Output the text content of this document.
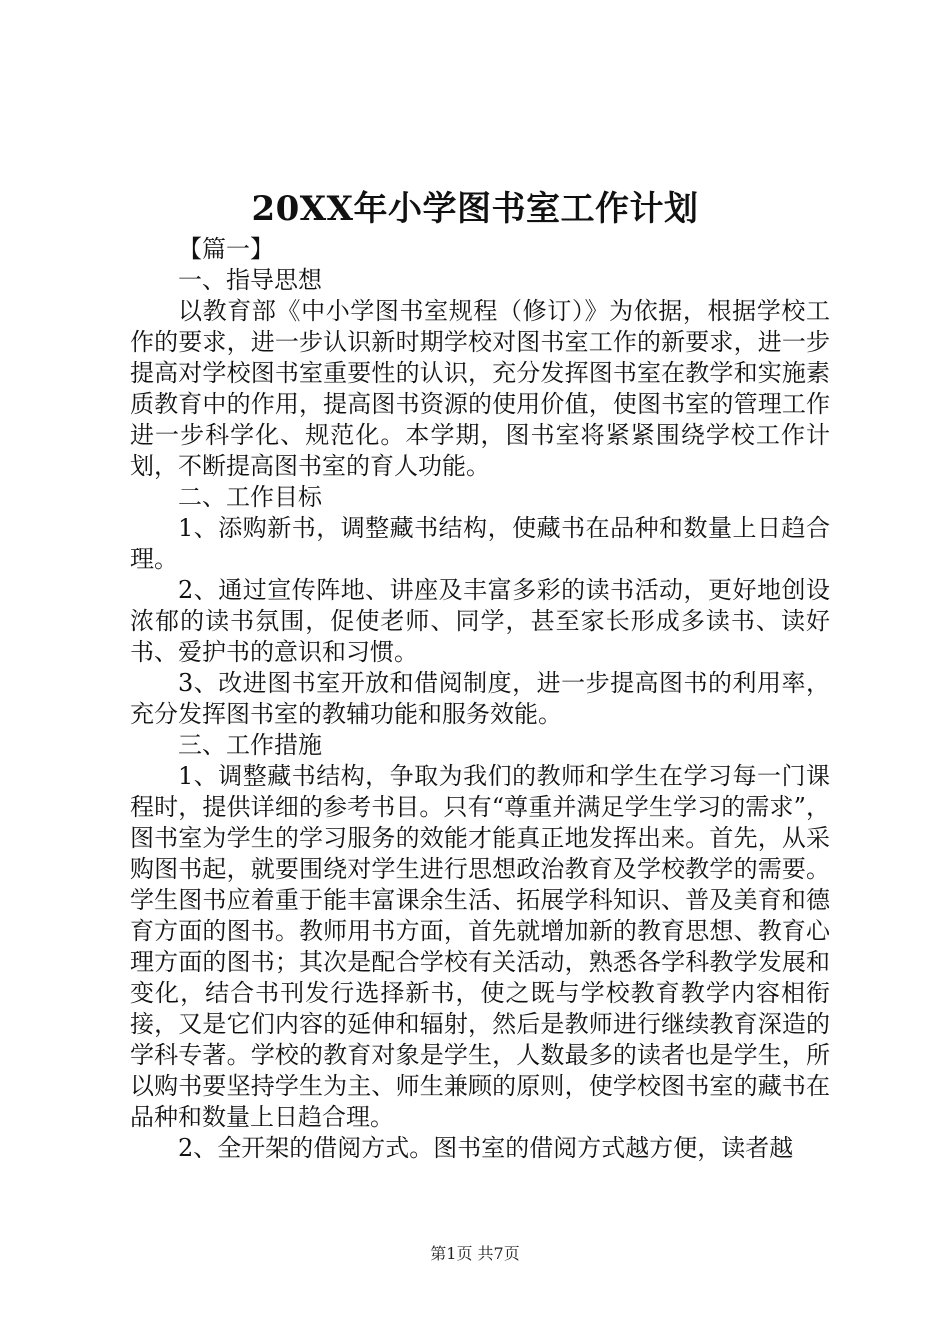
20XX年小学图书室工作计划

【篇一】

一、指导思想

以教育部《中小学图书室规程（修订）》为依据，根据学校工作的要求，进一步认识新时期学校对图书室工作的新要求，进一步提高对学校图书室重要性的认识，充分发挥图书室在教学和实施素质教育中的作用，提高图书资源的使用价值，使图书室的管理工作进一步科学化、规范化。本学期，图书室将紧紧围绕学校工作计划，不断提高图书室的育人功能。

二、工作目标

1、添购新书，调整藏书结构，使藏书在品种和数量上日趋合理。

2、通过宣传阵地、讲座及丰富多彩的读书活动，更好地创设浓郁的读书氛围，促使老师、同学，甚至家长形成多读书、读好书、爱护书的意识和习惯。

3、改进图书室开放和借阅制度，进一步提高图书的利用率，充分发挥图书室的教辅功能和服务效能。

三、工作措施

1、调整藏书结构，争取为我们的教师和学生在学习每一门课程时，提供详细的参考书目。只有“尊重并满足学生学习的需求”，图书室为学生的学习服务的效能才能真正地发挥出来。首先，从采购图书起，就要围绕对学生进行思想政治教育及学校教学的需要。学生图书应着重于能丰富课余生活、拓展学科知识、普及美育和德育方面的图书。教师用书方面，首先就增加新的教育思想、教育心理方面的图书；其次是配合学校有关活动，熟悉各学科教学发展和变化，结合书刊发行选择新书，使之既与学校教育教学内容相衔接，又是它们内容的延伸和辐射，然后是教师进行继续教育深造的学科专著。学校的教育对象是学生，人数最多的读者也是学生，所以购书要坚持学生为主、师生兼顾的原则，使学校图书室的藏书在品种和数量上日趋合理。

2、全开架的借阅方式。图书室的借阅方式越方便，读者越

第1页 共7页
